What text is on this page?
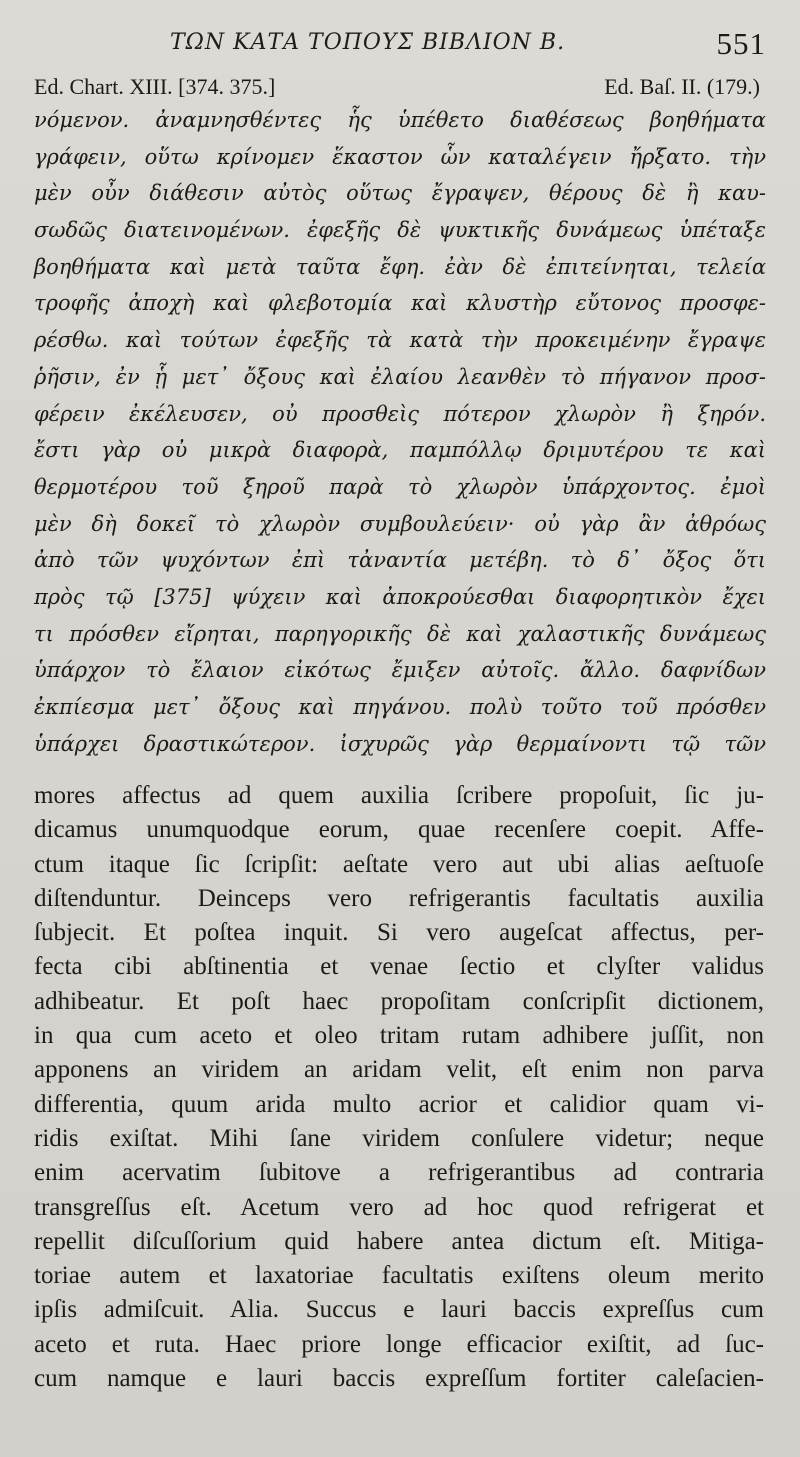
ΤΩΝ ΚΑΤΑ ΤΟΠΟΥΣ ΒΙΒΛΙΟΝ Β.	551
Ed. Chart. XIII. [374. 375.]	Ed. Baſ. II. (179.)
νόμενον. ἀναμνησθέντες ἧς ὑπέθετο διαθέσεως βοηθήματα
γράφειν, οὕτω κρίνομεν ἕκαστον ὧν καταλέγειν ἤρξατο. τὴν
μὲν οὖν διάθεσιν αὐτὸς οὕτως ἔγραψεν, θέρους δὲ ἢ καυ-
σωδῶς διατεινομένων. ἐφεξῆς δὲ ψυκτικῆς δυνάμεως ὑπέταξε
βοηθήματα καὶ μετὰ ταῦτα ἔφη. ἐὰν δὲ ἐπιτείνηται, τελεία
τροφῆς ἀποχὴ καὶ φλεβοτομία καὶ κλυστὴρ εὔτονος προσφε-
ρέσθω. καὶ τούτων ἐφεξῆς τὰ κατὰ τὴν προκειμένην ἔγραψε
ῥῆσιν, ἐν ᾗ μετ᾿ ὄξους καὶ ἐλαίου λεανθὲν τὸ πήγανον προσ-
φέρειν ἐκέλευσεν, οὐ προσθεὶς πότερον χλωρὸν ἢ ξηρόν.
ἔστι γὰρ οὐ μικρὰ διαφορὰ, παμπόλλῳ δριμυτέρου τε καὶ
θερμοτέρου τοῦ ξηροῦ παρὰ τὸ χλωρὸν ὑπάρχοντος. ἐμοὶ
μὲν δὴ δοκεῖ τὸ χλωρὸν συμβουλεύειν· οὐ γὰρ ἂν ἀθρόως
ἀπὸ τῶν ψυχόντων ἐπὶ τἀναντία μετέβη. τὸ δ᾿ ὄξος ὅτι
πρὸς τῷ [375] ψύχειν καὶ ἀποκρούεσθαι διαφορητικὸν ἔχει
τι πρόσθεν εἴρηται, παρηγορικῆς δὲ καὶ χαλαστικῆς δυνάμεως
ὑπάρχον τὸ ἔλαιον εἰκότως ἔμιξεν αὐτοῖς. ἄλλο. δαφνίδων
ἐκπίεσμα μετ᾿ ὄξους καὶ πηγάνου. πολὺ τοῦτο τοῦ πρόσθεν
ὑπάρχει δραστικώτερον. ἰσχυρῶς γὰρ θερμαίνοντι τῷ τῶν
mores affectus ad quem auxilia ſcribere propoſuit, ſic ju-
dicamus unumquodque eorum, quae recenſere coepit. Affe-
ctum itaque ſic ſcripſit: aeſtate vero aut ubi alias aeſtuoſe
diſtenduntur. Deinceps vero refrigerantis facultatis auxilia
ſubjecit. Et poſtea inquit. Si vero augeſcat affectus, per-
fecta cibi abſtinentia et venae ſectio et clyſter validus
adhibeatur. Et poſt haec propoſitam conſcripſit dictionem,
in qua cum aceto et oleo tritam rutam adhibere juſſit, non
apponens an viridem an aridam velit, eſt enim non parva
differentia, quum arida multo acrior et calidior quam vi-
ridis exiſtat. Mihi ſane viridem conſulere videtur; neque
enim acervatim ſubitove a refrigerantibus ad contraria
transgreſſus eſt. Acetum vero ad hoc quod refrigerat et
repellit diſcuſſorium quid habere antea dictum eſt. Mitiga-
toriae autem et laxatoriae facultatis exiſtens oleum merito
ipſis admiſcuit. Alia. Succus e lauri baccis expreſſus cum
aceto et ruta. Haec priore longe efficacior exiſtit, ad ſuc-
cum namque e lauri baccis expreſſum fortiter caleſacien-
